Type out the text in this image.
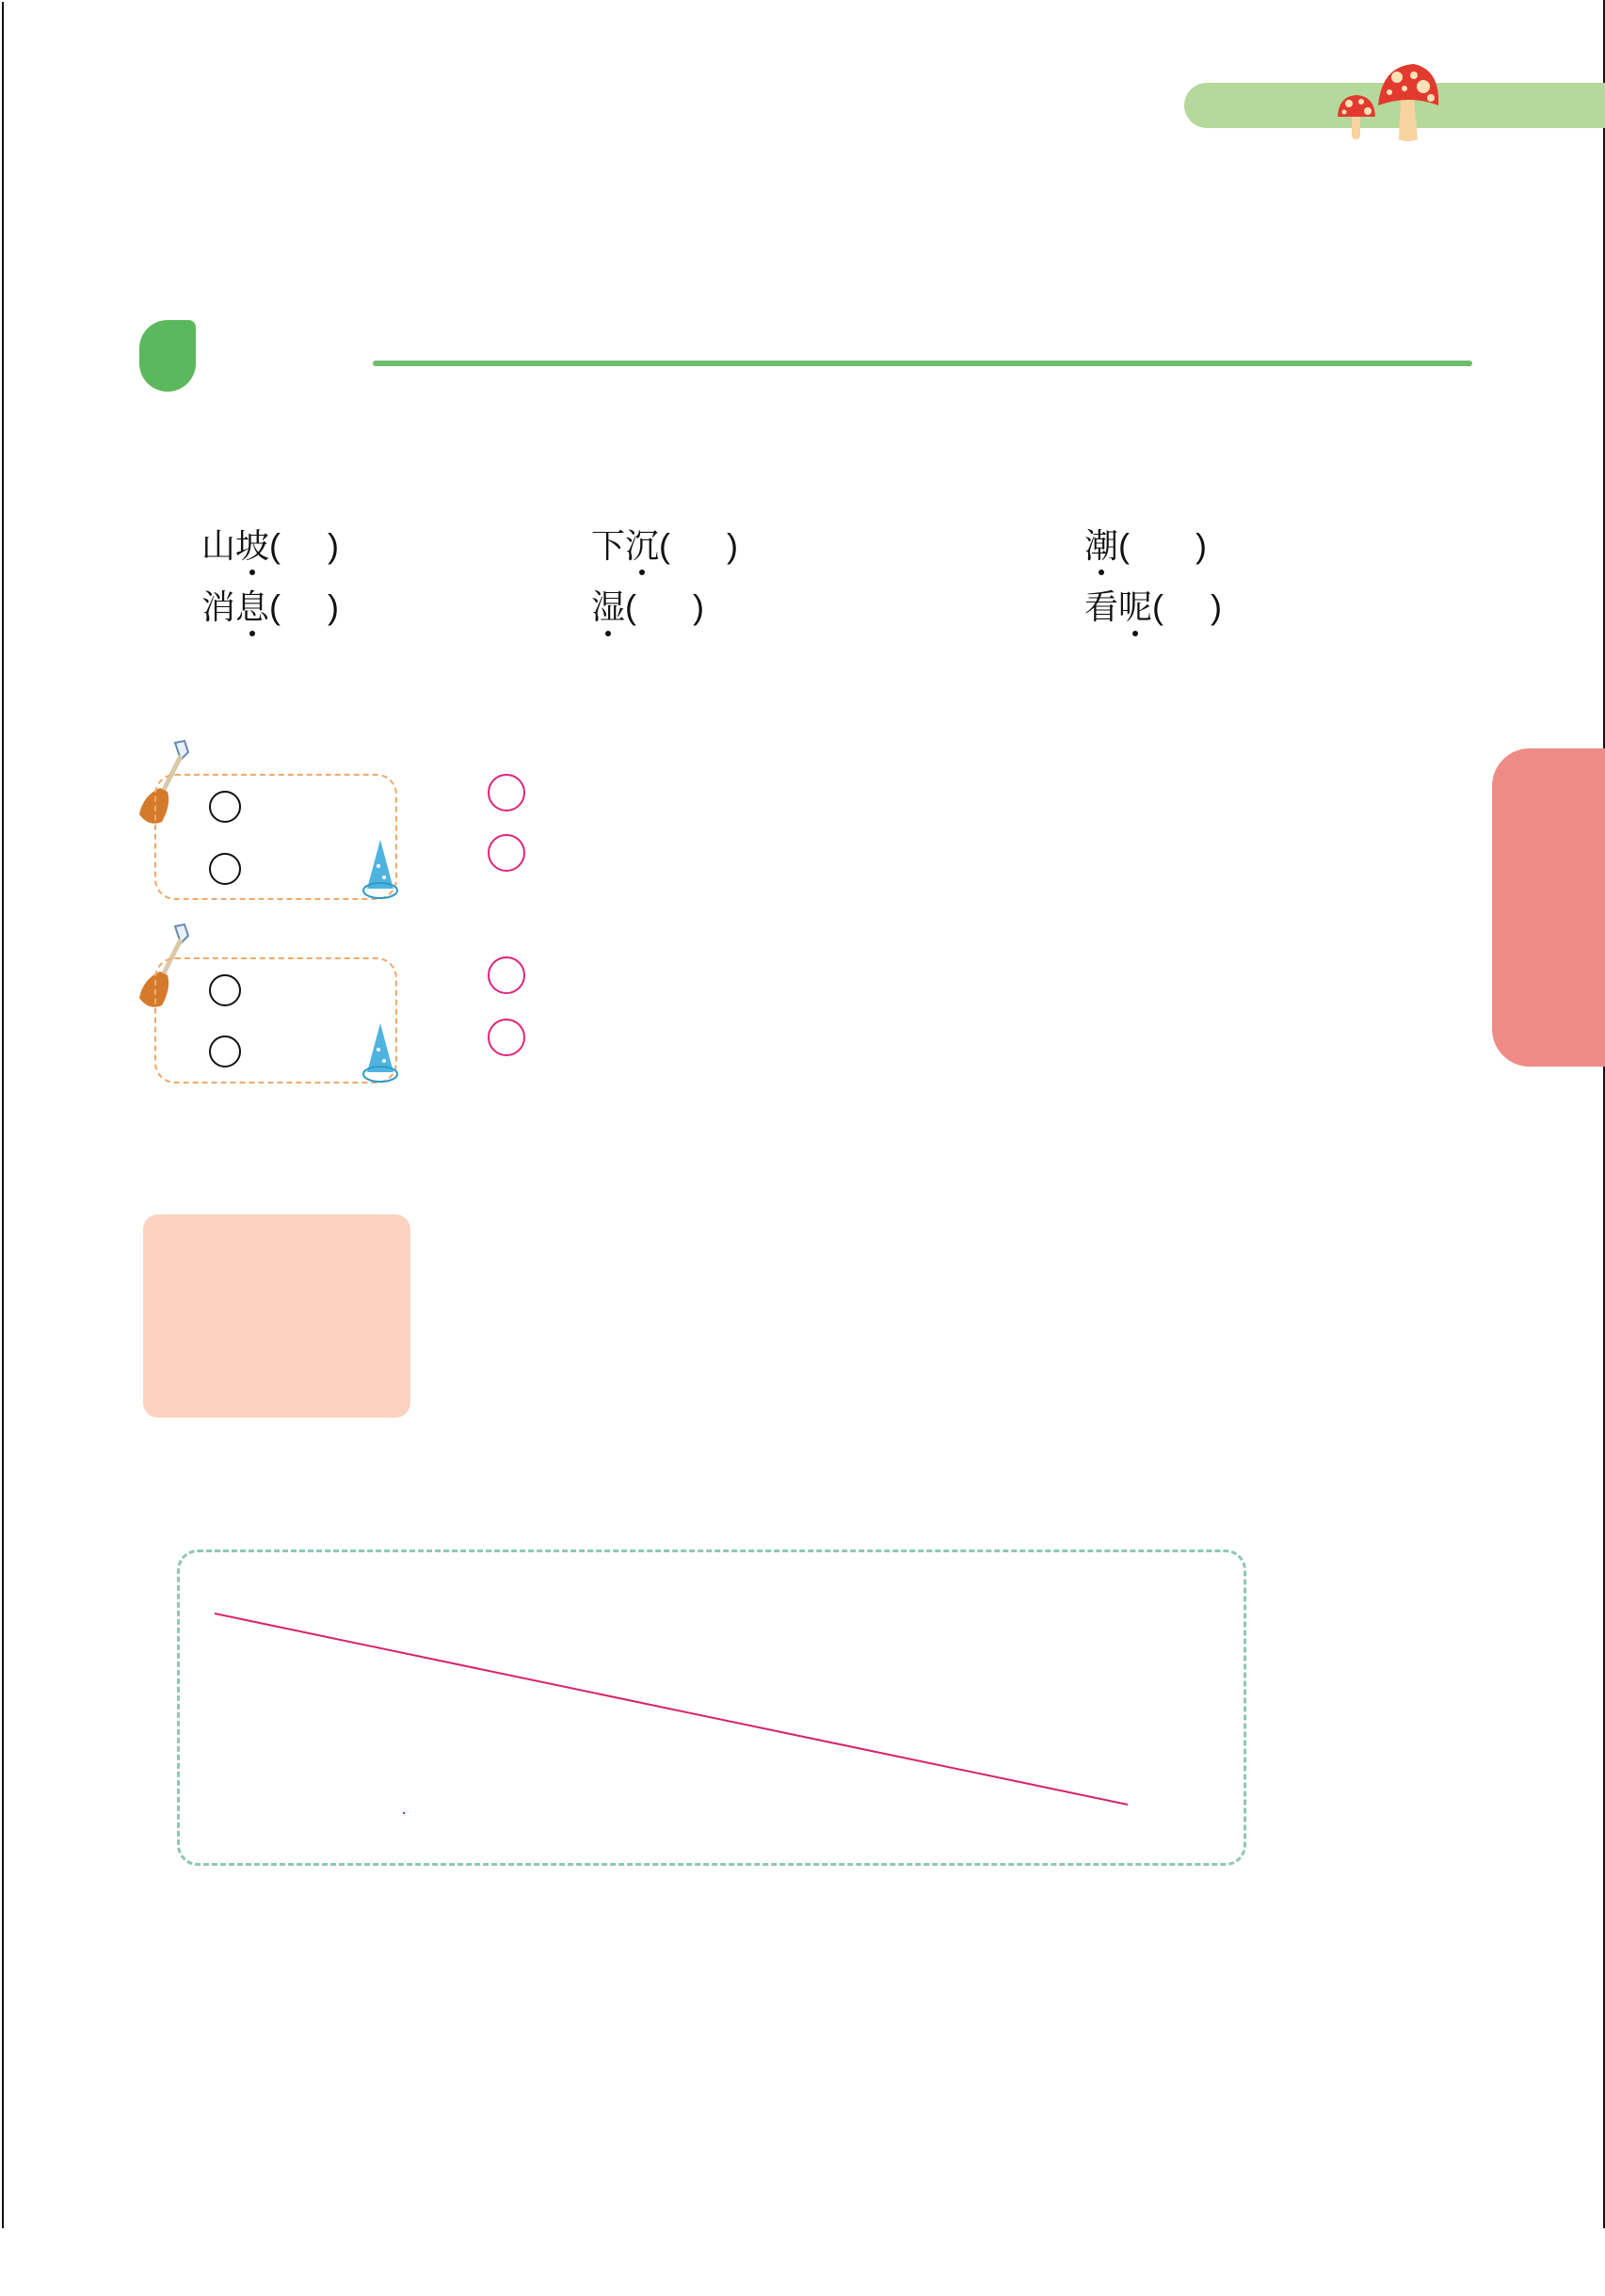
山坡( )	下沉(      )	潮(       )
消息( )	湿(      )	看呢(     )
